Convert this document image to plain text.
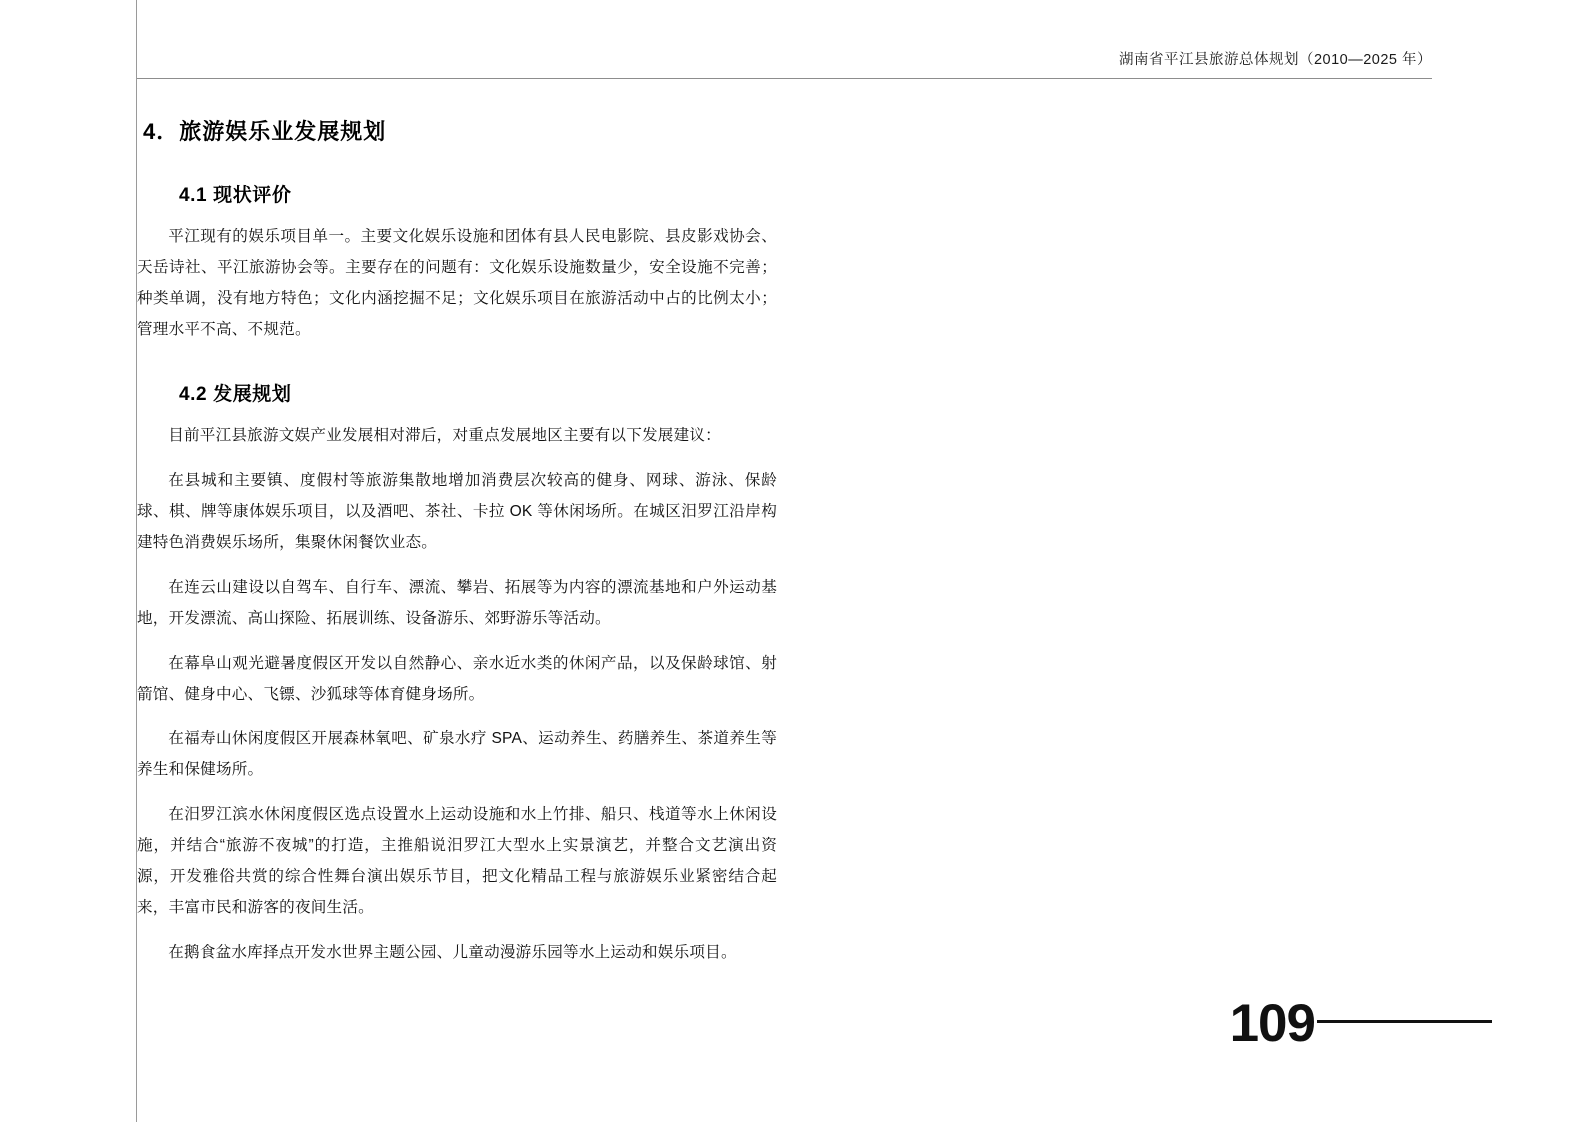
湖南省平江县旅游总体规划（2010—2025 年）
4．旅游娱乐业发展规划
4.1 现状评价

平江现有的娱乐项目单一。主要文化娱乐设施和团体有县人民电影院、县皮影戏协会、天岳诗社、平江旅游协会等。主要存在的问题有：文化娱乐设施数量少，安全设施不完善；种类单调，没有地方特色；文化内涵挖掘不足；文化娱乐项目在旅游活动中占的比例太小；管理水平不高、不规范。

4.2 发展规划

目前平江县旅游文娱产业发展相对滞后，对重点发展地区主要有以下发展建议：

在县城和主要镇、度假村等旅游集散地增加消费层次较高的健身、网球、游泳、保龄球、棋、牌等康体娱乐项目，以及酒吧、茶社、卡拉 OK 等休闲场所。在城区汨罗江沿岸构建特色消费娱乐场所，集聚休闲餐饮业态。

在连云山建设以自驾车、自行车、漂流、攀岩、拓展等为内容的漂流基地和户外运动基地，开发漂流、高山探险、拓展训练、设备游乐、郊野游乐等活动。

在幕阜山观光避暑度假区开发以自然静心、亲水近水类的休闲产品，以及保龄球馆、射箭馆、健身中心、飞镖、沙狐球等体育健身场所。

在福寿山休闲度假区开展森林氧吧、矿泉水疗 SPA、运动养生、药膳养生、茶道养生等养生和保健场所。

在汨罗江滨水休闲度假区选点设置水上运动设施和水上竹排、船只、栈道等水上休闲设施，并结合“旅游不夜城”的打造，主推船说汨罗江大型水上实景演艺，并整合文艺演出资源，开发雅俗共赏的综合性舞台演出娱乐节目，把文化精品工程与旅游娱乐业紧密结合起来，丰富市民和游客的夜间生活。

在鹅食盆水库择点开发水世界主题公园、儿童动漫游乐园等水上运动和娱乐项目。

109
